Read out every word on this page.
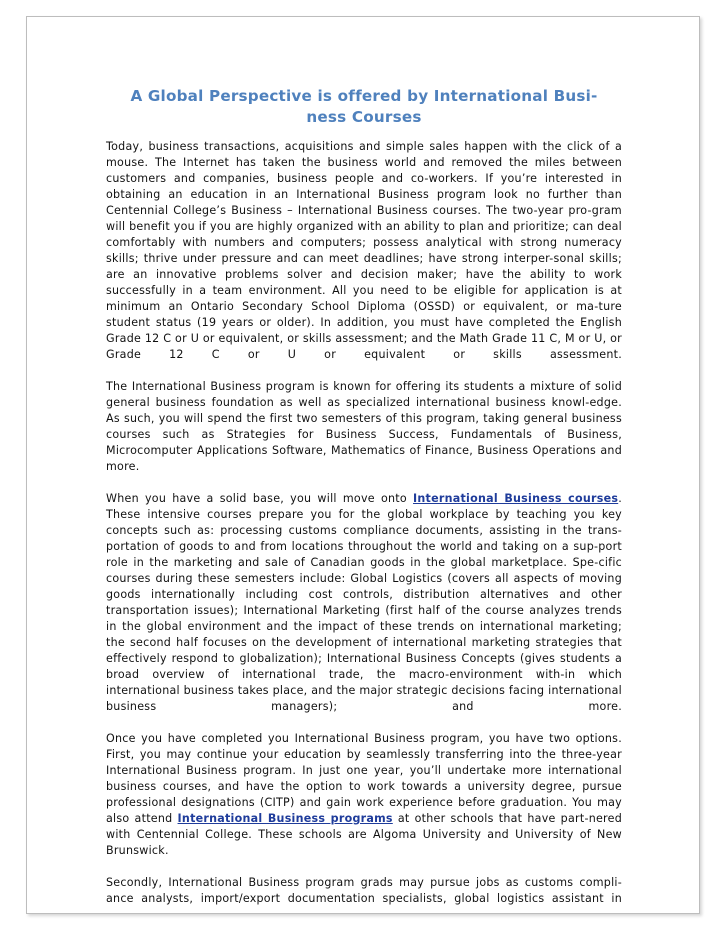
A Global Perspective is offered by International Busi-ness Courses

Today, business transactions, acquisitions and simple sales happen with the click of a mouse. The Internet has taken the business world and removed the miles between customers and companies, business people and co-workers. If you’re interested in obtaining an education in an International Business program look no further than Centennial College’s Business – International Business courses. The two-year pro-gram will benefit you if you are highly organized with an ability to plan and prioritize; can deal comfortably with numbers and computers; possess analytical with strong numeracy skills; thrive under pressure and can meet deadlines; have strong interper-sonal skills; are an innovative problems solver and decision maker; have the ability to work successfully in a team environment. All you need to be eligible for application is at minimum an Ontario Secondary School Diploma (OSSD) or equivalent, or ma-ture student status (19 years or older). In addition, you must have completed the English Grade 12 C or U or equivalent, or skills assessment; and the Math Grade 11 C, M or U, or Grade 12 C or U or equivalent or skills assessment.

The International Business program is known for offering its students a mixture of solid general business foundation as well as specialized international business knowl-edge. As such, you will spend the first two semesters of this program, taking general business courses such as Strategies for Business Success, Fundamentals of Business, Microcomputer Applications Software, Mathematics of Finance, Business Operations and more.

When you have a solid base, you will move onto International Business courses. These intensive courses prepare you for the global workplace by teaching you key concepts such as: processing customs compliance documents, assisting in the trans-portation of goods to and from locations throughout the world and taking on a sup-port role in the marketing and sale of Canadian goods in the global marketplace. Spe-cific courses during these semesters include: Global Logistics (covers all aspects of moving goods internationally including cost controls, distribution alternatives and other transportation issues); International Marketing (first half of the course analyzes trends in the global environment and the impact of these trends on international marketing; the second half focuses on the development of international marketing strategies that effectively respond to globalization); International Business Concepts (gives students a broad overview of international trade, the macro-environment with-in which international business takes place, and the major strategic decisions facing international business managers); and more.

Once you have completed you International Business program, you have two options. First, you may continue your education by seamlessly transferring into the three-year International Business program. In just one year, you’ll undertake more international business courses, and have the option to work towards a university degree, pursue professional designations (CITP) and gain work experience before graduation. You may also attend International Business programs at other schools that have part-nered with Centennial College. These schools are Algoma University and University of New Brunswick.

Secondly, International Business program grads may pursue jobs as customs compli-ance analysts, import/export documentation specialists, global logistics assistant in
